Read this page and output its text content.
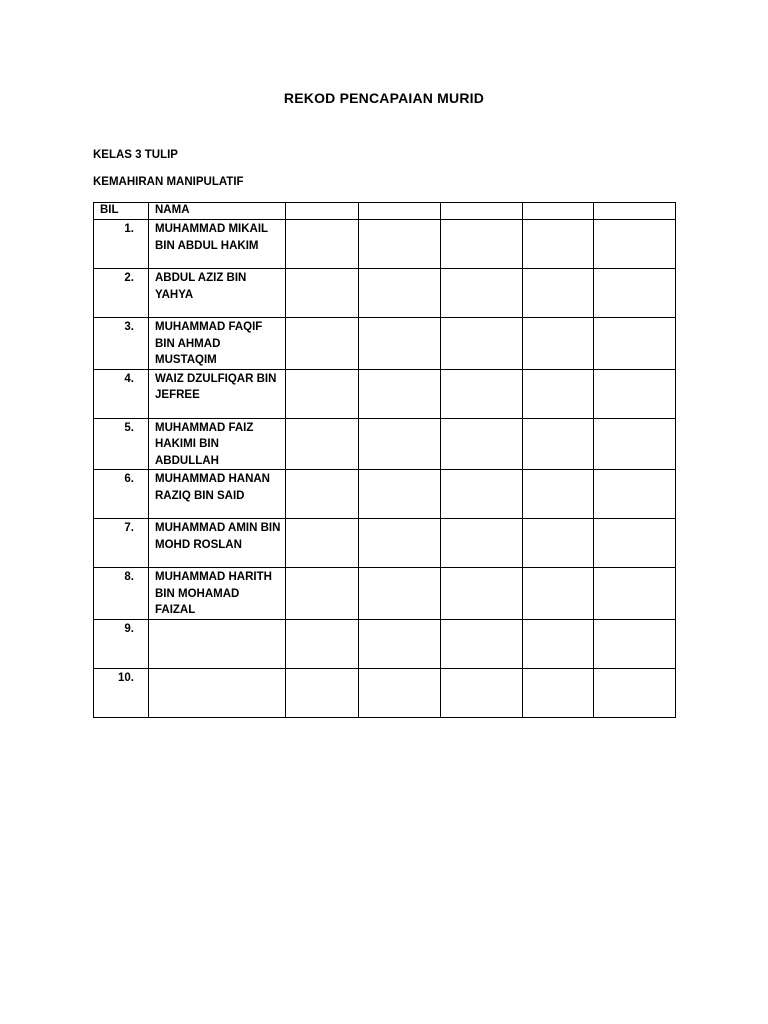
REKOD PENCAPAIAN MURID
KELAS 3 TULIP
KEMAHIRAN MANIPULATIF
BIL	NAMA					
1.	MUHAMMAD MIKAIL BIN ABDUL HAKIM					
2.	ABDUL AZIZ BIN YAHYA					
3.	MUHAMMAD FAQIF BIN AHMAD MUSTAQIM					
4.	WAIZ DZULFIQAR BIN JEFREE					
5.	MUHAMMAD FAIZ HAKIMI BIN ABDULLAH					
6.	MUHAMMAD HANAN RAZIQ BIN SAID					
7.	MUHAMMAD AMIN BIN MOHD ROSLAN					
8.	MUHAMMAD HARITH BIN MOHAMAD FAIZAL					
9.						
10.						
